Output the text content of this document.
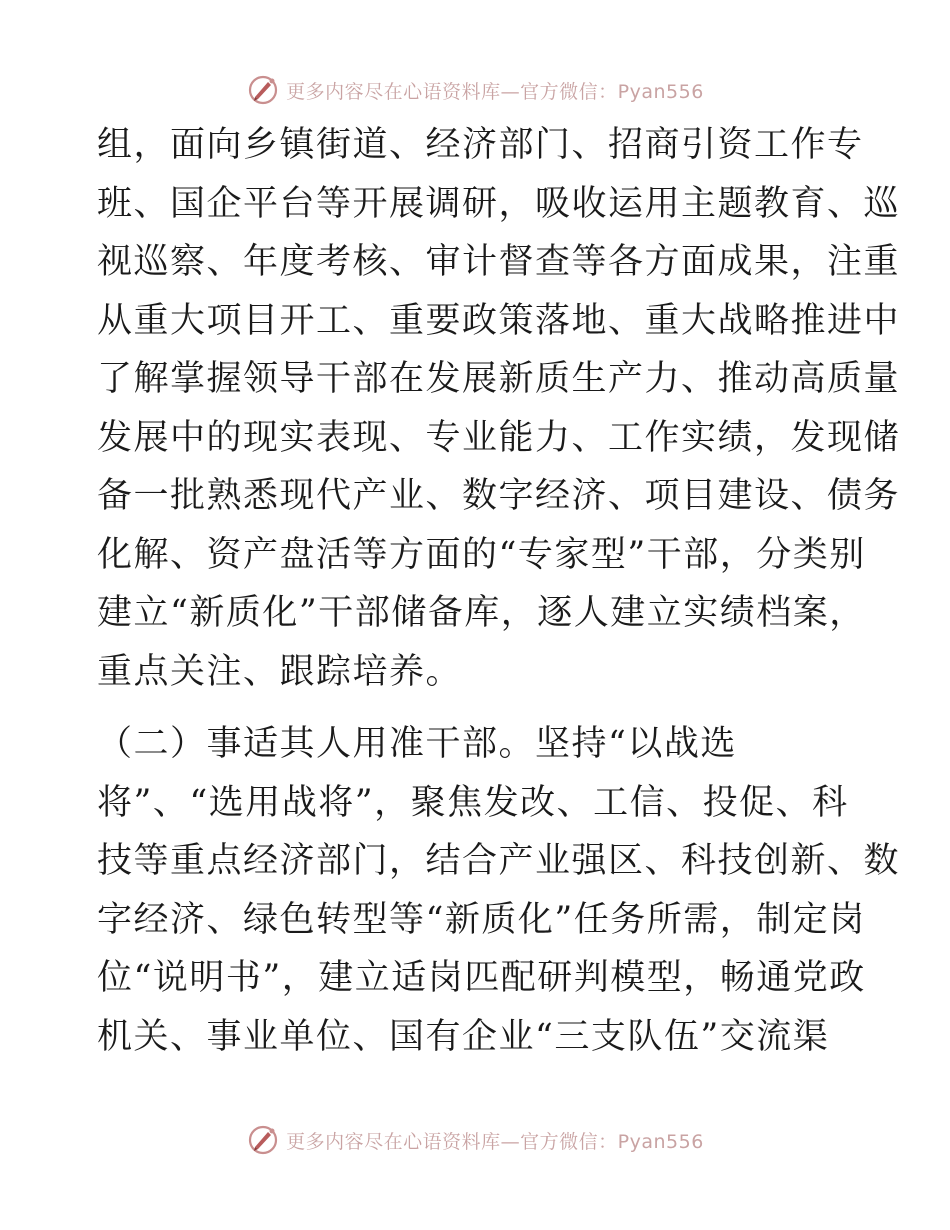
更多内容尽在心语资料库—官方微信：Pyan556
组，面向乡镇街道、经济部门、招商引资工作专
班、国企平台等开展调研，吸收运用主题教育、巡
视巡察、年度考核、审计督查等各方面成果，注重
从重大项目开工、重要政策落地、重大战略推进中
了解掌握领导干部在发展新质生产力、推动高质量
发展中的现实表现、专业能力、工作实绩，发现储
备一批熟悉现代产业、数字经济、项目建设、债务
化解、资产盘活等方面的“专家型”干部，分类别
建立“新质化”干部储备库，逐人建立实绩档案，
重点关注、跟踪培养。
（二）事适其人用准干部。坚持“以战选
将”、“选用战将”，聚焦发改、工信、投促、科
技等重点经济部门，结合产业强区、科技创新、数
字经济、绿色转型等“新质化”任务所需，制定岗
位“说明书”，建立适岗匹配研判模型，畅通党政
机关、事业单位、国有企业“三支队伍”交流渠
更多内容尽在心语资料库—官方微信：Pyan556
